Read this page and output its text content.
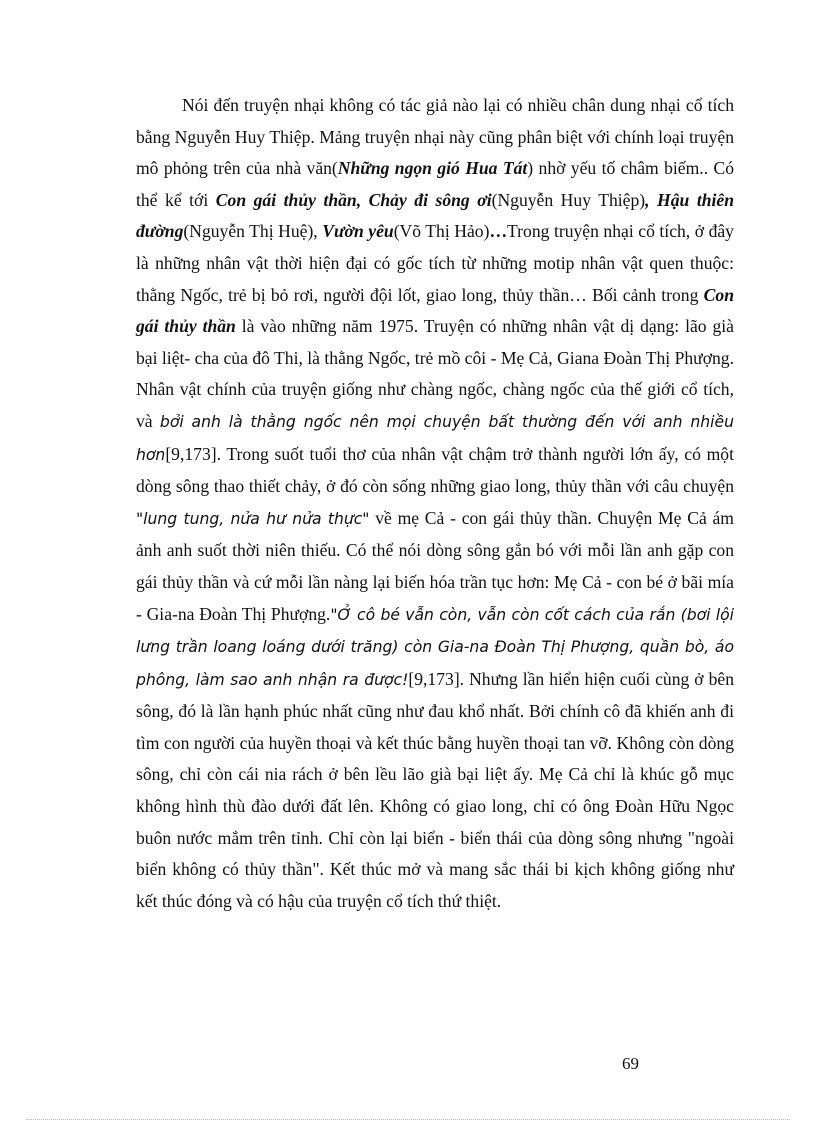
Nói đến truyện nhại không có tác giả nào lại có nhiều chân dung nhại cổ tích bằng Nguyễn Huy Thiệp. Mảng truyện nhại này cũng phân biệt với chính loại truyện mô phỏng trên của nhà văn(Những ngọn gió Hua Tát) nhờ yếu tố châm biếm.. Có thể kể tới Con gái thủy thần, Chảy đi sông ơi(Nguyễn Huy Thiệp), Hậu thiên đường(Nguyễn Thị Huệ), Vườn yêu(Võ Thị Hảo)…Trong truyện nhại cổ tích, ở đây là những nhân vật thời hiện đại có gốc tích từ những motip nhân vật quen thuộc: thằng Ngốc, trẻ bị bỏ rơi, người đội lốt, giao long, thủy thần… Bối cảnh trong Con gái thủy thần là vào những năm 1975. Truyện có những nhân vật dị dạng: lão già bại liệt- cha của đô Thi, là thằng Ngốc, trẻ mồ côi - Mẹ Cả, Giana Đoàn Thị Phượng. Nhân vật chính của truyện giống như chàng ngốc, chàng ngốc của thế giới cổ tích, và bởi anh là thằng ngốc nên mọi chuyện bất thường đến với anh nhiều hơn[9,173]. Trong suốt tuổi thơ của nhân vật chậm trở thành người lớn ấy, có một dòng sông thao thiết chảy, ở đó còn sống những giao long, thủy thần với câu chuyện "lung tung, nửa hư nửa thực" về mẹ Cả - con gái thủy thần. Chuyện Mẹ Cả ám ảnh anh suốt thời niên thiếu. Có thể nói dòng sông gắn bó với mỗi lần anh gặp con gái thủy thần và cứ mỗi lần nàng lại biến hóa trần tục hơn: Mẹ Cả - con bé ở bãi mía - Gia-na Đoàn Thị Phượng."Ở cô bé vẫn còn, vẫn còn cốt cách của rắn (bơi lội lưng trần loang loáng dưới trăng) còn Gia-na Đoàn Thị Phượng, quần bò, áo phông, làm sao anh nhận ra được![9,173]. Nhưng lần hiển hiện cuối cùng ở bên sông, đó là lần hạnh phúc nhất cũng như đau khổ nhất. Bởi chính cô đã khiến anh đi tìm con người của huyền thoại và kết thúc bằng huyền thoại tan vỡ. Không còn dòng sông, chỉ còn cái nia rách ở bên lều lão già bại liệt ấy. Mẹ Cả chỉ là khúc gỗ mục không hình thù đào dưới đất lên. Không có giao long, chỉ có ông Đoàn Hữu Ngọc buôn nước mắm trên tỉnh. Chỉ còn lại biển - biển thái của dòng sông nhưng "ngoài biển không có thủy thần". Kết thúc mở và mang sắc thái bi kịch không giống như kết thúc đóng và có hậu của truyện cổ tích thứ thiệt.

69
